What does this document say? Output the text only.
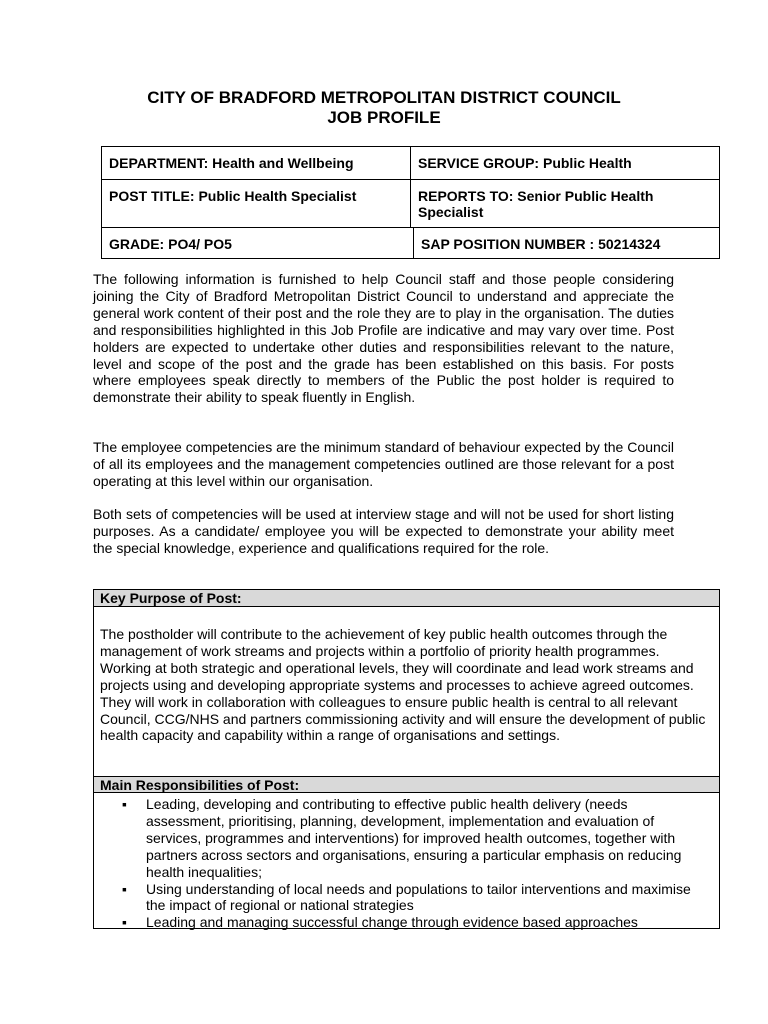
CITY OF BRADFORD METROPOLITAN DISTRICT COUNCIL
JOB PROFILE
DEPARTMENT: Health and Wellbeing	SERVICE GROUP: Public Health
POST TITLE: Public Health Specialist	REPORTS TO: Senior Public Health Specialist
GRADE: PO4/ PO5	SAP POSITION NUMBER : 50214324
The following information is furnished to help Council staff and those people considering joining the City of Bradford Metropolitan District Council to understand and appreciate the general work content of their post and the role they are to play in the organisation. The duties and responsibilities highlighted in this Job Profile are indicative and may vary over time. Post holders are expected to undertake other duties and responsibilities relevant to the nature, level and scope of the post and the grade has been established on this basis. For posts where employees speak directly to members of the Public the post holder is required to demonstrate their ability to speak fluently in English.
The employee competencies are the minimum standard of behaviour expected by the Council of all its employees and the management competencies outlined are those relevant for a post operating at this level within our organisation.
Both sets of competencies will be used at interview stage and will not be used for short listing purposes. As a candidate/ employee you will be expected to demonstrate your ability meet the special knowledge, experience and qualifications required for the role.
Key Purpose of Post:
The postholder will contribute to the achievement of key public health outcomes through the management of work streams and projects within a portfolio of priority health programmes. Working at both strategic and operational levels, they will coordinate and lead work streams and projects using and developing appropriate systems and processes to achieve agreed outcomes. They will work in collaboration with colleagues to ensure public health is central to all relevant Council, CCG/NHS and partners commissioning activity and will ensure the development of public health capacity and capability within a range of organisations and settings.
Main Responsibilities of Post:
▪ Leading, developing and contributing to effective public health delivery (needs assessment, prioritising, planning, development, implementation and evaluation of services, programmes and interventions) for improved health outcomes, together with partners across sectors and organisations, ensuring a particular emphasis on reducing health inequalities;
▪ Using understanding of local needs and populations to tailor interventions and maximise the impact of regional or national strategies
▪ Leading and managing successful change through evidence based approaches
